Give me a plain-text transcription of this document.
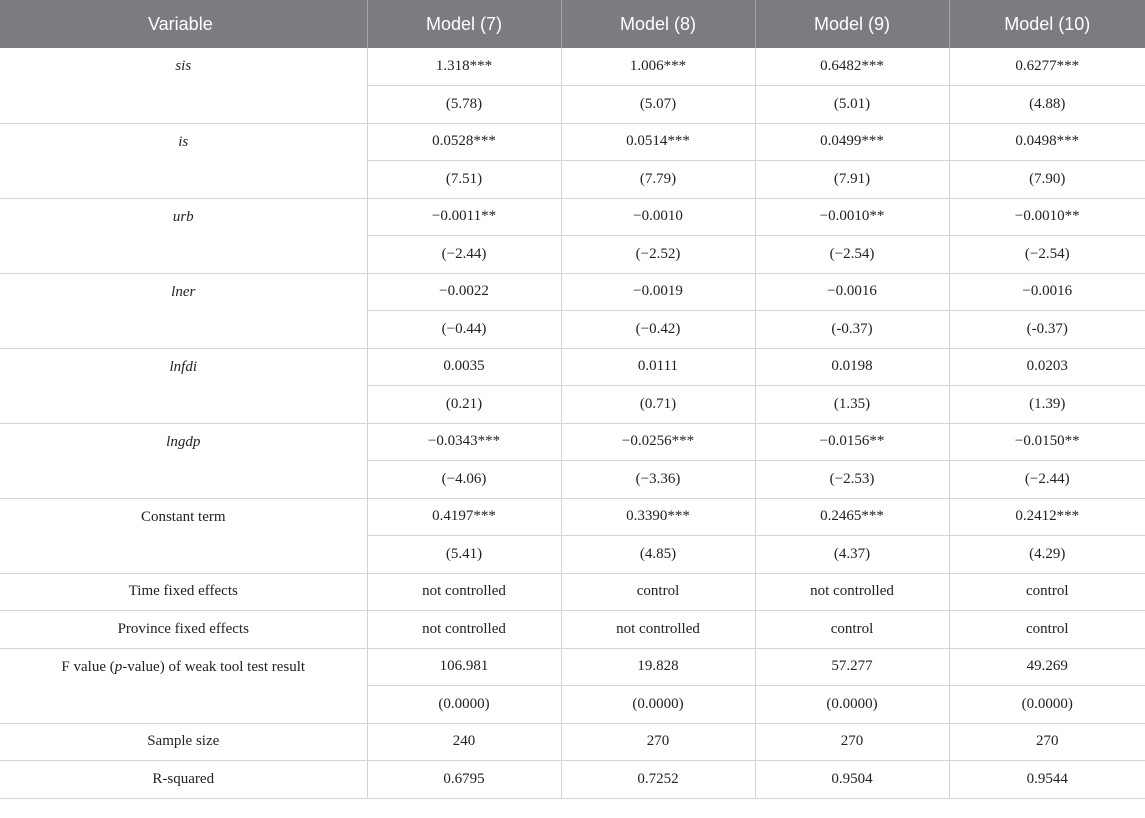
Variable	Model (7)	Model (8)	Model (9)	Model (10)
sis	1.318***	1.006***	0.6482***	0.6277***
	(5.78)	(5.07)	(5.01)	(4.88)
is	0.0528***	0.0514***	0.0499***	0.0498***
	(7.51)	(7.79)	(7.91)	(7.90)
urb	−0.0011**	−0.0010	−0.0010**	−0.0010**
	(−2.44)	(−2.52)	(−2.54)	(−2.54)
lner	−0.0022	−0.0019	−0.0016	−0.0016
	(−0.44)	(−0.42)	(-0.37)	(-0.37)
lnfdi	0.0035	0.0111	0.0198	0.0203
	(0.21)	(0.71)	(1.35)	(1.39)
lngdp	−0.0343***	−0.0256***	−0.0156**	−0.0150**
	(−4.06)	(−3.36)	(−2.53)	(−2.44)
Constant term	0.4197***	0.3390***	0.2465***	0.2412***
	(5.41)	(4.85)	(4.37)	(4.29)
Time fixed effects	not controlled	control	not controlled	control
Province fixed effects	not controlled	not controlled	control	control
F value (p-value) of weak tool test result	106.981	19.828	57.277	49.269
	(0.0000)	(0.0000)	(0.0000)	(0.0000)
Sample size	240	270	270	270
R-squared	0.6795	0.7252	0.9504	0.9544
